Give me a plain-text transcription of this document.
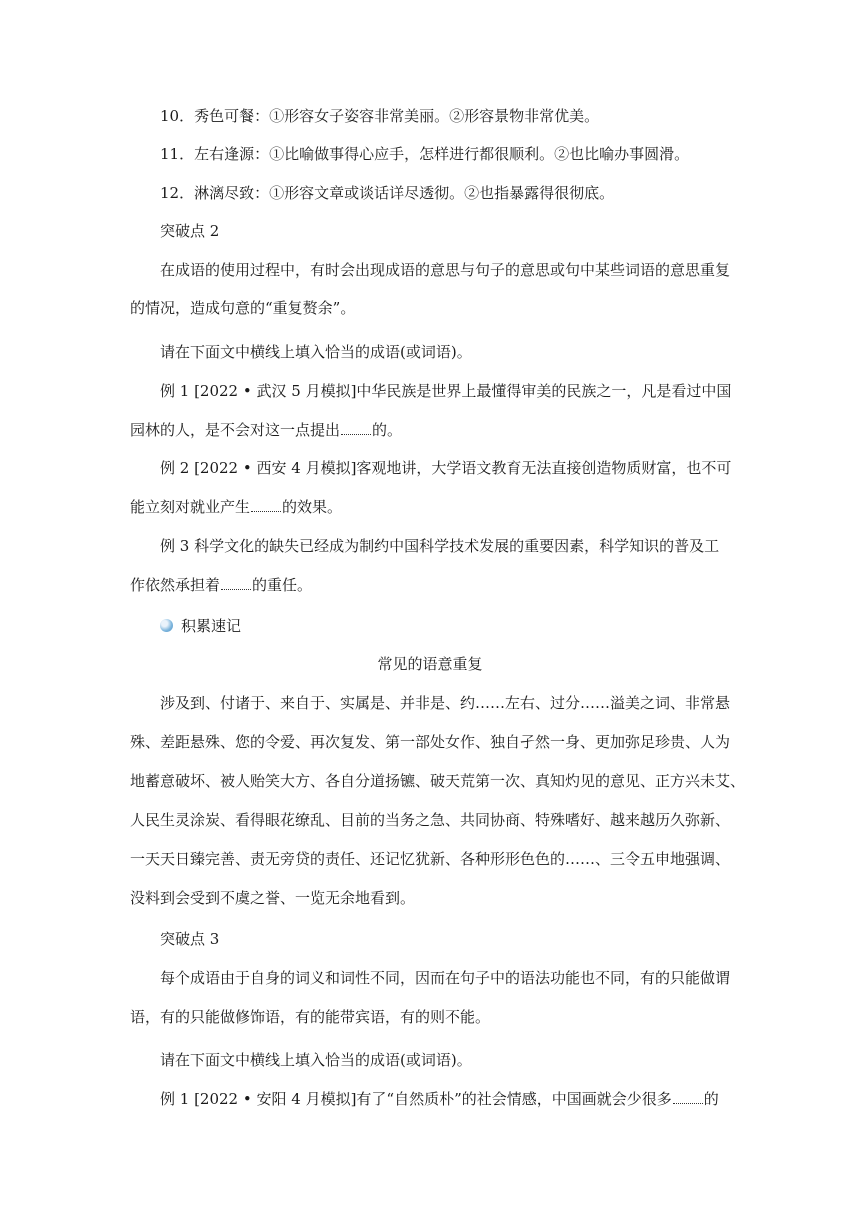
10．秀色可餐：①形容女子姿容非常美丽。②形容景物非常优美。
11．左右逢源：①比喻做事得心应手，怎样进行都很顺利。②也比喻办事圆滑。
12．淋漓尽致：①形容文章或谈话详尽透彻。②也指暴露得很彻底。
突破点 2
在成语的使用过程中，有时会出现成语的意思与句子的意思或句中某些词语的意思重复
的情况，造成句意的“重复赘余”。
请在下面文中横线上填入恰当的成语(或词语)。
例 1 [2022 • 武汉 5 月模拟]中华民族是世界上最懂得审美的民族之一，凡是看过中国
园林的人，是不会对这一点提出 的。
例 2 [2022 • 西安 4 月模拟]客观地讲，大学语文教育无法直接创造物质财富，也不可
能立刻对就业产生 的效果。
例 3 科学文化的缺失已经成为制约中国科学技术发展的重要因素，科学知识的普及工
作依然承担着 的重任。
积累速记
常见的语意重复
涉及到、付诸于、来自于、实属是、并非是、约……左右、过分……溢美之词、非常悬
殊、差距悬殊、您的令爱、再次复发、第一部处女作、独自孑然一身、更加弥足珍贵、人为
地蓄意破坏、被人贻笑大方、各自分道扬镳、破天荒第一次、真知灼见的意见、正方兴未艾、
人民生灵涂炭、看得眼花缭乱、目前的当务之急、共同协商、特殊嗜好、越来越历久弥新、
一天天日臻完善、责无旁贷的责任、还记忆犹新、各种形形色色的……、三令五申地强调、
没料到会受到不虞之誉、一览无余地看到。
突破点 3
每个成语由于自身的词义和词性不同，因而在句子中的语法功能也不同，有的只能做谓
语，有的只能做修饰语，有的能带宾语，有的则不能。
请在下面文中横线上填入恰当的成语(或词语)。
例 1 [2022 • 安阳 4 月模拟]有了“自然质朴”的社会情感，中国画就会少很多 的
